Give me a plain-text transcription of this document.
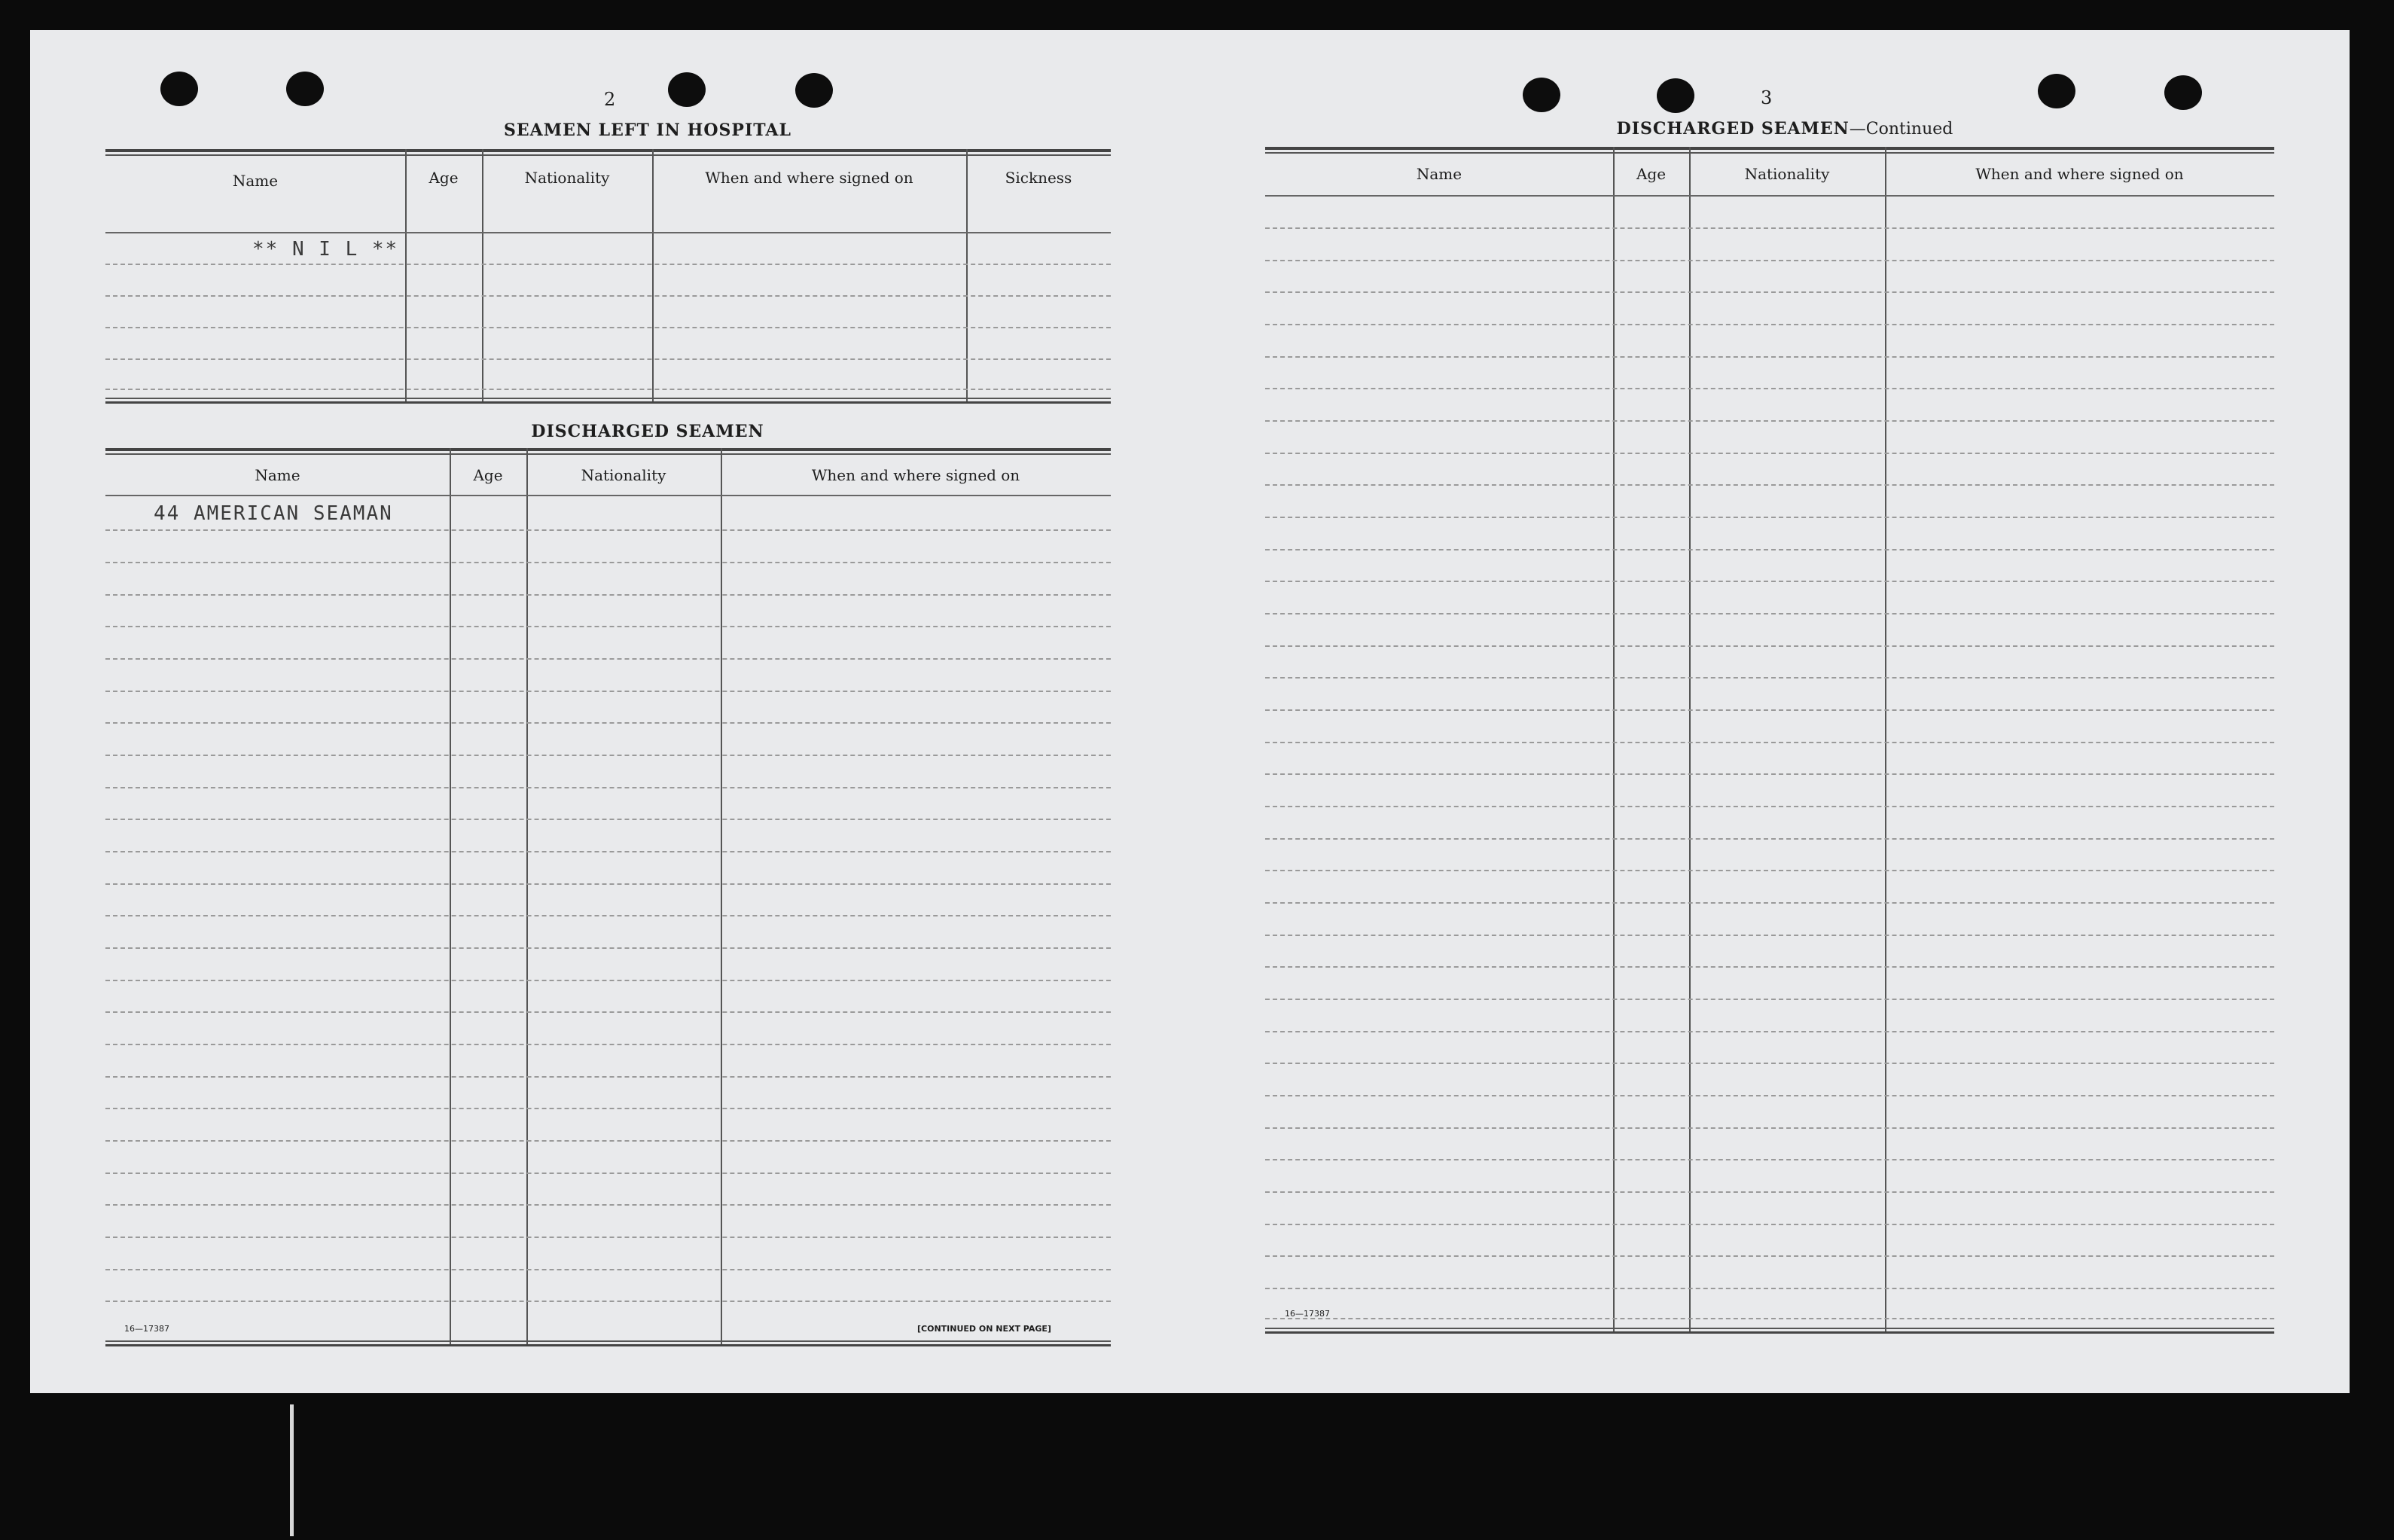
2
SEAMEN LEFT IN HOSPITAL
Name	Age	Nationality	When and where signed on	Sickness
** N I L **
DISCHARGED SEAMEN
Name	Age	Nationality	When and where signed on
44 AMERICAN SEAMAN
16—17387	[CONTINUED ON NEXT PAGE]
3
DISCHARGED SEAMEN—Continued
Name	Age	Nationality	When and where signed on
16—17387
